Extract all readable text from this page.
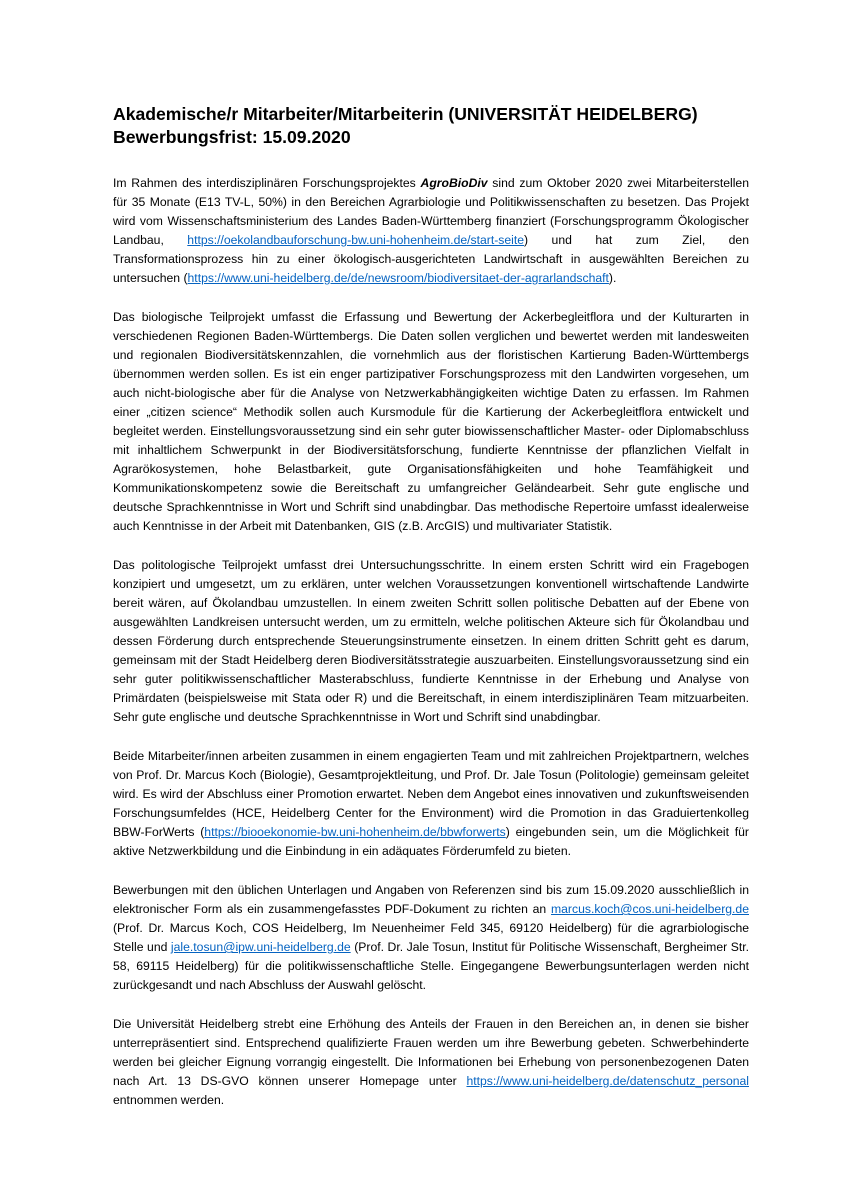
Akademische/r Mitarbeiter/Mitarbeiterin (UNIVERSITÄT HEIDELBERG)
Bewerbungsfrist: 15.09.2020

Im Rahmen des interdisziplinären Forschungsprojektes AgroBioDiv sind zum Oktober 2020 zwei Mitarbeiterstellen für 35 Monate (E13 TV-L, 50%) in den Bereichen Agrarbiologie und Politikwissenschaften zu besetzen. Das Projekt wird vom Wissenschaftsministerium des Landes Baden-Württemberg finanziert (Forschungsprogramm Ökologischer Landbau, https://oekolandbauforschung-bw.uni-hohenheim.de/start-seite) und hat zum Ziel, den Transformationsprozess hin zu einer ökologisch-ausgerichteten Landwirtschaft in ausgewählten Bereichen zu untersuchen (https://www.uni-heidelberg.de/de/newsroom/biodiversitaet-der-agrarlandschaft).

Das biologische Teilprojekt umfasst die Erfassung und Bewertung der Ackerbegleitflora und der Kulturarten in verschiedenen Regionen Baden-Württembergs. Die Daten sollen verglichen und bewertet werden mit landesweiten und regionalen Biodiversitätskennzahlen, die vornehmlich aus der floristischen Kartierung Baden-Württembergs übernommen werden sollen. Es ist ein enger partizipativer Forschungsprozess mit den Landwirten vorgesehen, um auch nicht-biologische aber für die Analyse von Netzwerkabhängigkeiten wichtige Daten zu erfassen. Im Rahmen einer „citizen science“ Methodik sollen auch Kursmodule für die Kartierung der Ackerbegleitflora entwickelt und begleitet werden. Einstellungsvoraussetzung sind ein sehr guter biowissenschaftlicher Master- oder Diplomabschluss mit inhaltlichem Schwerpunkt in der Biodiversitätsforschung, fundierte Kenntnisse der pflanzlichen Vielfalt in Agrarökosystemen, hohe Belastbarkeit, gute Organisationsfähigkeiten und hohe Teamfähigkeit und Kommunikationskompetenz sowie die Bereitschaft zu umfangreicher Geländearbeit. Sehr gute englische und deutsche Sprachkenntnisse in Wort und Schrift sind unabdingbar. Das methodische Repertoire umfasst idealerweise auch Kenntnisse in der Arbeit mit Datenbanken, GIS (z.B. ArcGIS) und multivariater Statistik.

Das politologische Teilprojekt umfasst drei Untersuchungsschritte. In einem ersten Schritt wird ein Fragebogen konzipiert und umgesetzt, um zu erklären, unter welchen Voraussetzungen konventionell wirtschaftende Landwirte bereit wären, auf Ökolandbau umzustellen. In einem zweiten Schritt sollen politische Debatten auf der Ebene von ausgewählten Landkreisen untersucht werden, um zu ermitteln, welche politischen Akteure sich für Ökolandbau und dessen Förderung durch entsprechende Steuerungsinstrumente einsetzen. In einem dritten Schritt geht es darum, gemeinsam mit der Stadt Heidelberg deren Biodiversitätsstrategie auszuarbeiten. Einstellungsvoraussetzung sind ein sehr guter politikwissenschaftlicher Masterabschluss, fundierte Kenntnisse in der Erhebung und Analyse von Primärdaten (beispielsweise mit Stata oder R) und die Bereitschaft, in einem interdisziplinären Team mitzuarbeiten. Sehr gute englische und deutsche Sprachkenntnisse in Wort und Schrift sind unabdingbar.

Beide Mitarbeiter/innen arbeiten zusammen in einem engagierten Team und mit zahlreichen Projektpartnern, welches von Prof. Dr. Marcus Koch (Biologie), Gesamtprojektleitung, und Prof. Dr. Jale Tosun (Politologie) gemeinsam geleitet wird. Es wird der Abschluss einer Promotion erwartet. Neben dem Angebot eines innovativen und zukunftsweisenden Forschungsumfeldes (HCE, Heidelberg Center for the Environment) wird die Promotion in das Graduiertenkolleg BBW-ForWerts (https://biooekonomie-bw.uni-hohenheim.de/bbwforwerts) eingebunden sein, um die Möglichkeit für aktive Netzwerkbildung und die Einbindung in ein adäquates Förderumfeld zu bieten.

Bewerbungen mit den üblichen Unterlagen und Angaben von Referenzen sind bis zum 15.09.2020 ausschließlich in elektronischer Form als ein zusammengefasstes PDF-Dokument zu richten an marcus.koch@cos.uni-heidelberg.de (Prof. Dr. Marcus Koch, COS Heidelberg, Im Neuenheimer Feld 345, 69120 Heidelberg) für die agrarbiologische Stelle und jale.tosun@ipw.uni-heidelberg.de (Prof. Dr. Jale Tosun, Institut für Politische Wissenschaft, Bergheimer Str. 58, 69115 Heidelberg) für die politikwissenschaftliche Stelle. Eingegangene Bewerbungsunterlagen werden nicht zurückgesandt und nach Abschluss der Auswahl gelöscht.

Die Universität Heidelberg strebt eine Erhöhung des Anteils der Frauen in den Bereichen an, in denen sie bisher unterrepräsentiert sind. Entsprechend qualifizierte Frauen werden um ihre Bewerbung gebeten. Schwerbehinderte werden bei gleicher Eignung vorrangig eingestellt. Die Informationen bei Erhebung von personenbezogenen Daten nach Art. 13 DS-GVO können unserer Homepage unter https://www.uni-heidelberg.de/datenschutz_personal entnommen werden.
